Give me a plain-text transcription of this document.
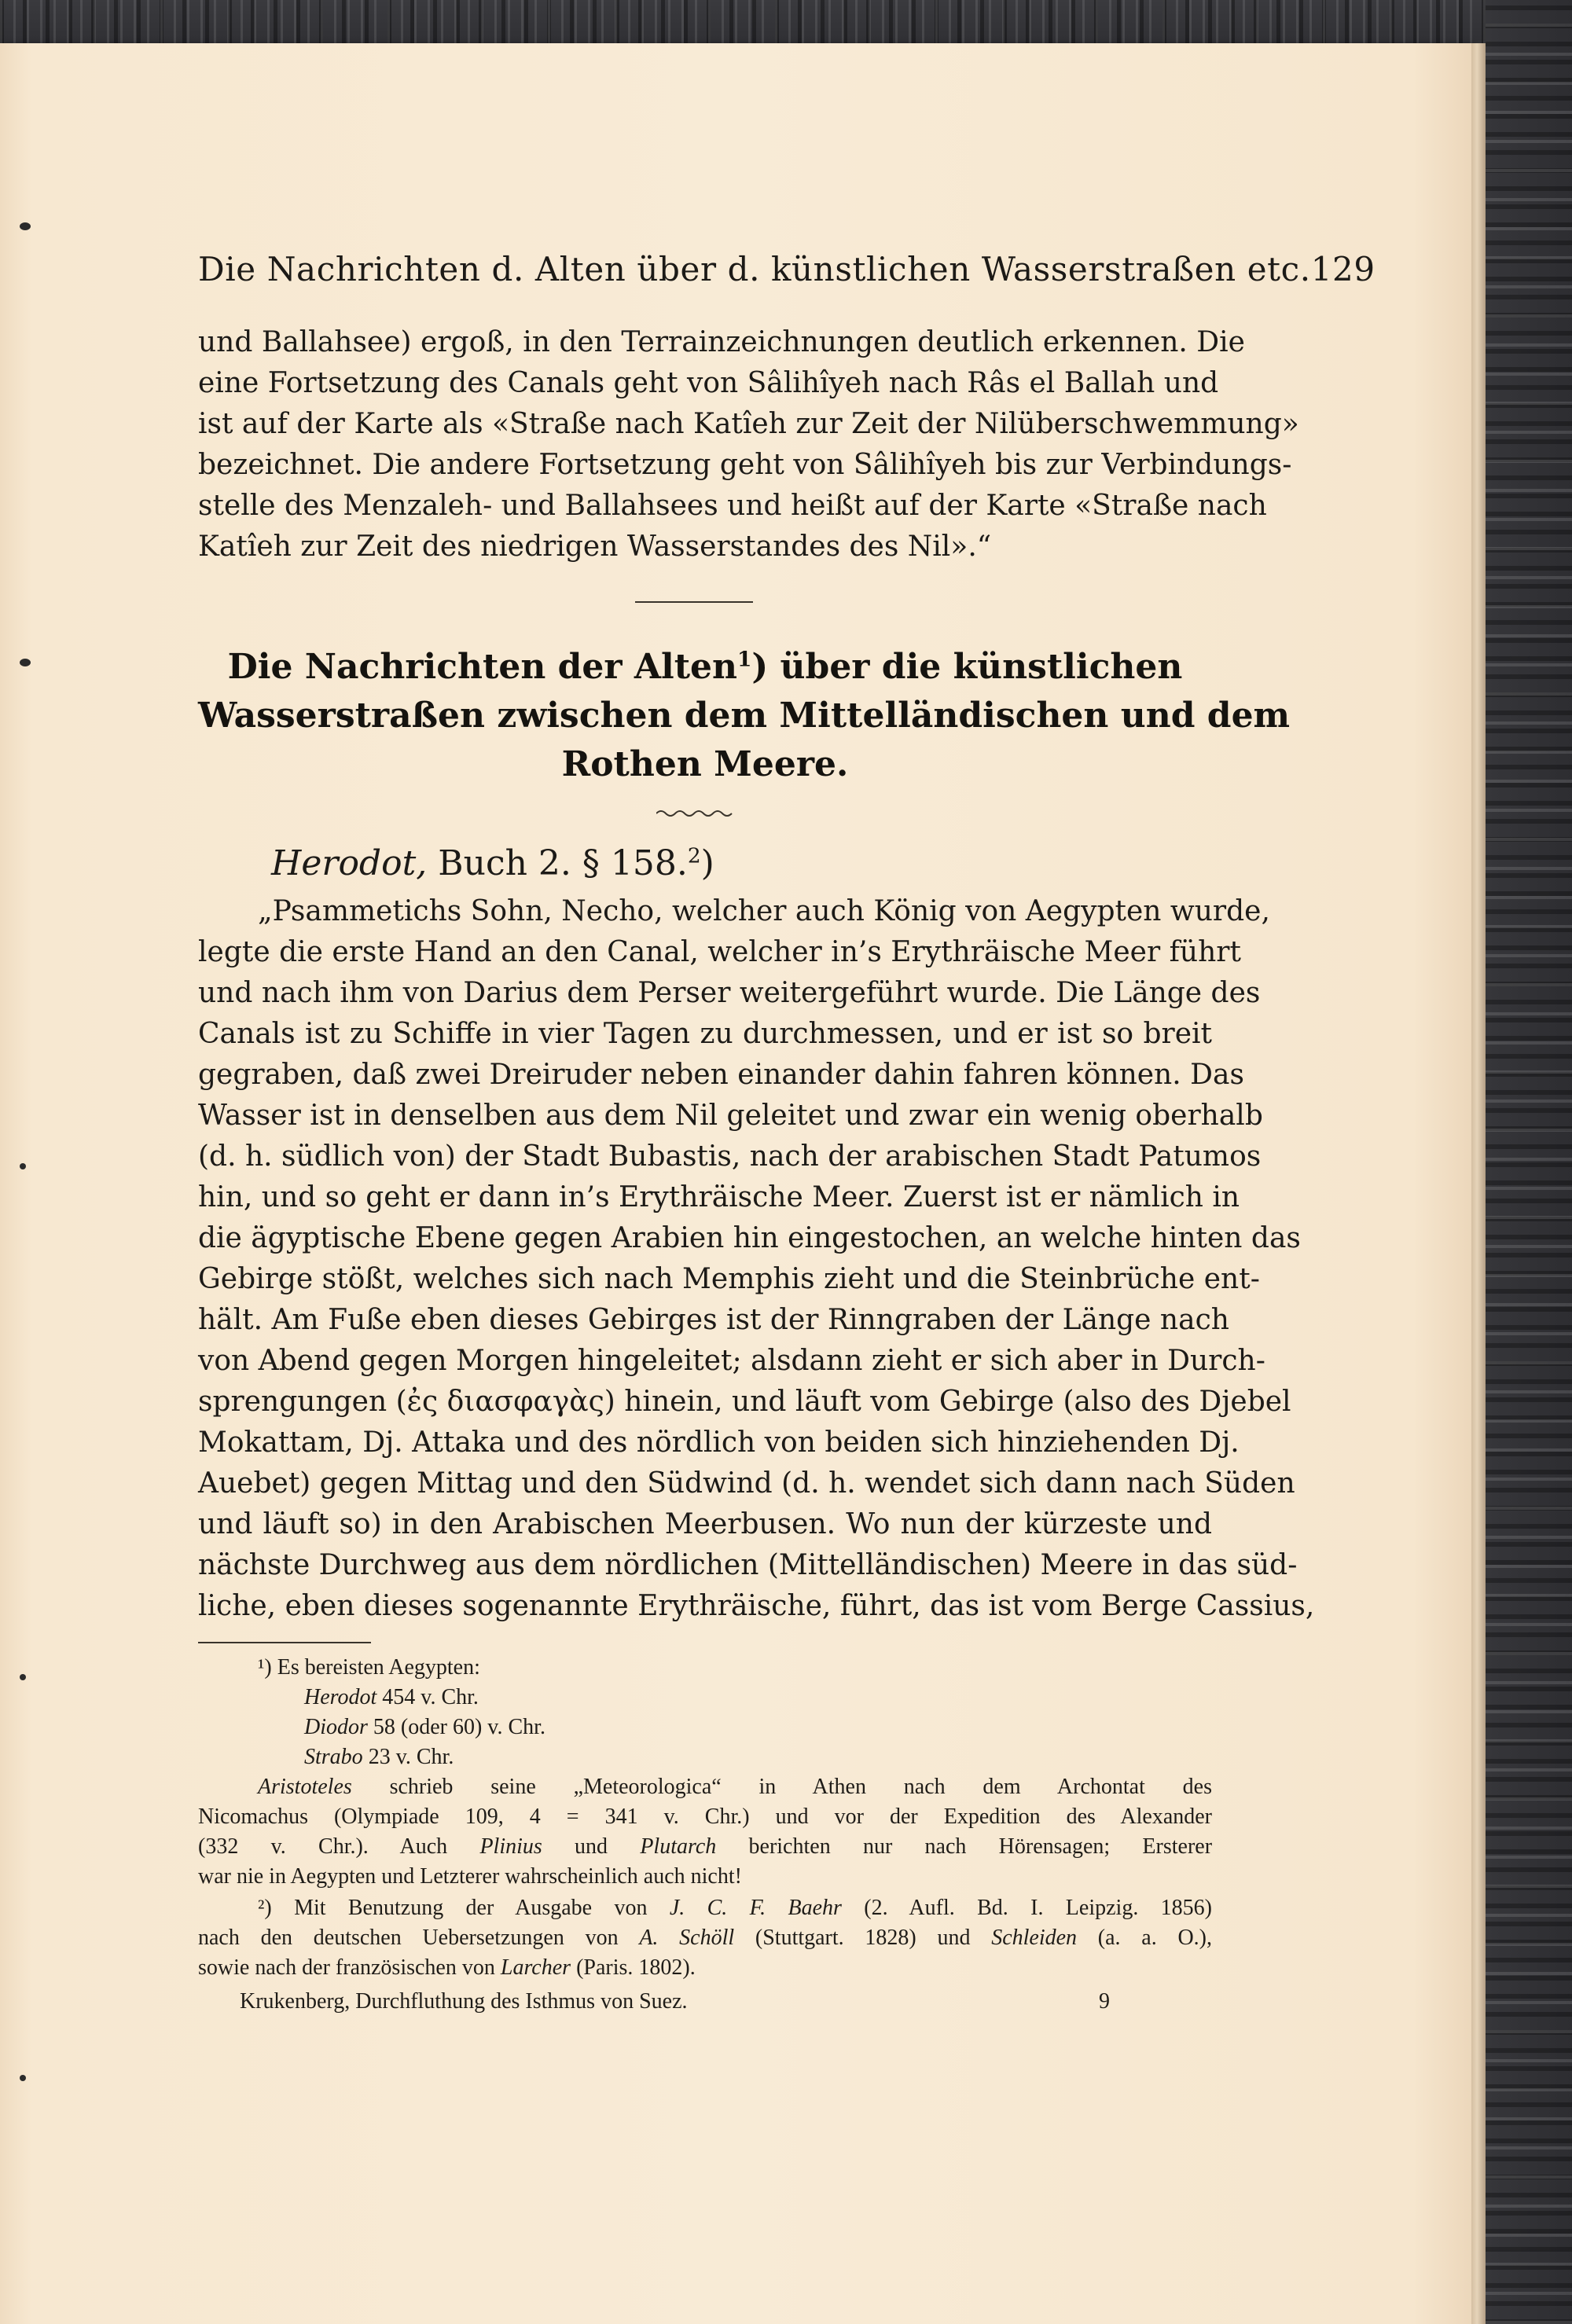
Die Nachrichten d. Alten über d. künstlichen Wasserstraßen etc. 129
und Ballahsee) ergoß, in den Terrainzeichnungen deutlich erkennen. Die
eine Fortsetzung des Canals geht von Sâlihîyeh nach Râs el Ballah und
ist auf der Karte als «Straße nach Katîeh zur Zeit der Nilüberschwemmung»
bezeichnet. Die andere Fortsetzung geht von Sâlihîyeh bis zur Verbindungs-
stelle des Menzaleh- und Ballahsees und heißt auf der Karte «Straße nach
Katîeh zur Zeit des niedrigen Wasserstandes des Nil».“
Die Nachrichten der Alten$^1$) über die künstlichen
Wasserstraßen zwischen dem Mittelländischen und dem
Rothen Meere.
Herodot, Buch 2. § 158.$^2$)
„Psammetichs Sohn, Necho, welcher auch König von Aegypten wurde,
legte die erste Hand an den Canal, welcher in’s Erythräische Meer führt
und nach ihm von Darius dem Perser weitergeführt wurde. Die Länge des
Canals ist zu Schiffe in vier Tagen zu durchmessen, und er ist so breit
gegraben, daß zwei Dreiruder neben einander dahin fahren können. Das
Wasser ist in denselben aus dem Nil geleitet und zwar ein wenig oberhalb
(d. h. südlich von) der Stadt Bubastis, nach der arabischen Stadt Patumos
hin, und so geht er dann in’s Erythräische Meer. Zuerst ist er nämlich in
die ägyptische Ebene gegen Arabien hin eingestochen, an welche hinten das
Gebirge stößt, welches sich nach Memphis zieht und die Steinbrüche ent-
hält. Am Fuße eben dieses Gebirges ist der Rinngraben der Länge nach
von Abend gegen Morgen hingeleitet; alsdann zieht er sich aber in Durch-
sprengungen (ἐς διασφαγὰς) hinein, und läuft vom Gebirge (also des Djebel
Mokattam, Dj. Attaka und des nördlich von beiden sich hinziehenden Dj.
Auebet) gegen Mittag und den Südwind (d. h. wendet sich dann nach Süden
und läuft so) in den Arabischen Meerbusen. Wo nun der kürzeste und
nächste Durchweg aus dem nördlichen (Mittelländischen) Meere in das süd-
liche, eben dieses sogenannte Erythräische, führt, das ist vom Berge Cassius,
¹) Es bereisten Aegypten:
Herodot 454 v. Chr.
Diodor 58 (oder 60) v. Chr.
Strabo 23 v. Chr.
Aristoteles schrieb seine „Meteorologica“ in Athen nach dem Archontat des
Nicomachus (Olympiade 109, 4 = 341 v. Chr.) und vor der Expedition des Alexander
(332 v. Chr.). Auch Plinius und Plutarch berichten nur nach Hörensagen; Ersterer
war nie in Aegypten und Letzterer wahrscheinlich auch nicht!
²) Mit Benutzung der Ausgabe von J. C. F. Baehr (2. Aufl. Bd. I. Leipzig. 1856)
nach den deutschen Uebersetzungen von A. Schöll (Stuttgart. 1828) und Schleiden (a. a. O.),
sowie nach der französischen von Larcher (Paris. 1802).
Krukenberg, Durchfluthung des Isthmus von Suez.	9
